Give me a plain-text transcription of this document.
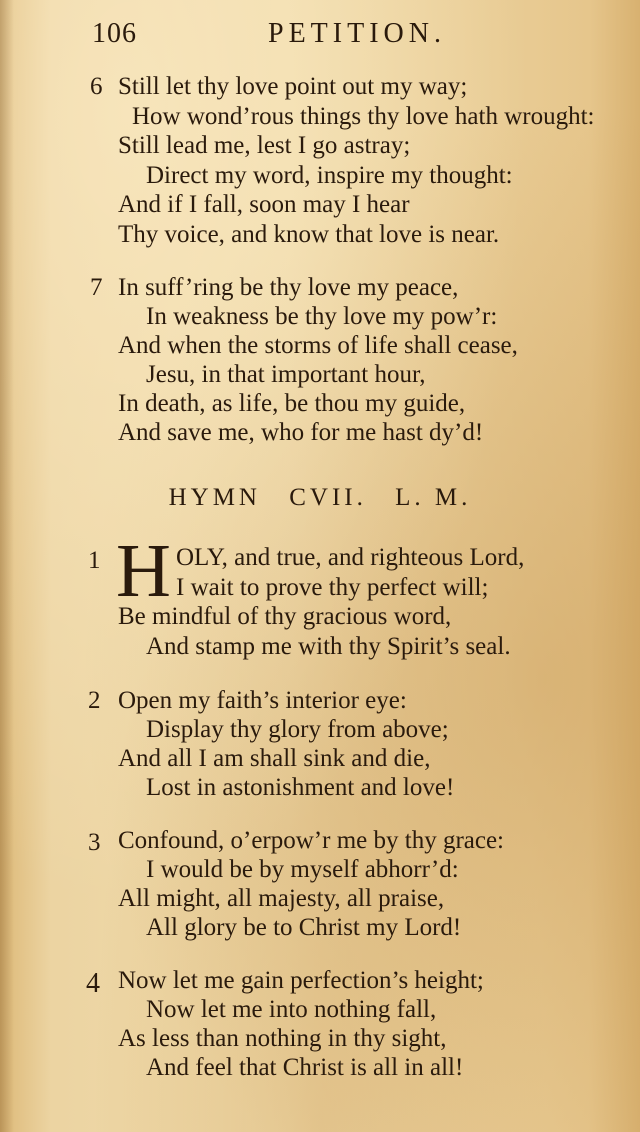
106	PETITION.
6 Still let thy love point out my way;
How wond’rous things thy love hath wrought:
Still lead me, lest I go astray;
Direct my word, inspire my thought:
And if I fall, soon may I hear
Thy voice, and know that love is near.
7 In suff’ring be thy love my peace,
In weakness be thy love my pow’r:
And when the storms of life shall cease,
Jesu, in that important hour,
In death, as life, be thou my guide,
And save me, who for me hast dy’d!
HYMN CVII. L. M.
1 H OLY, and true, and righteous Lord,
I wait to prove thy perfect will;
Be mindful of thy gracious word,
And stamp me with thy Spirit’s seal.
2 Open my faith’s interior eye:
Display thy glory from above;
And all I am shall sink and die,
Lost in astonishment and love!
3 Confound, o’erpow’r me by thy grace:
I would be by myself abhorr’d:
All might, all majesty, all praise,
All glory be to Christ my Lord!
4 Now let me gain perfection’s height;
Now let me into nothing fall,
As less than nothing in thy sight,
And feel that Christ is all in all!
